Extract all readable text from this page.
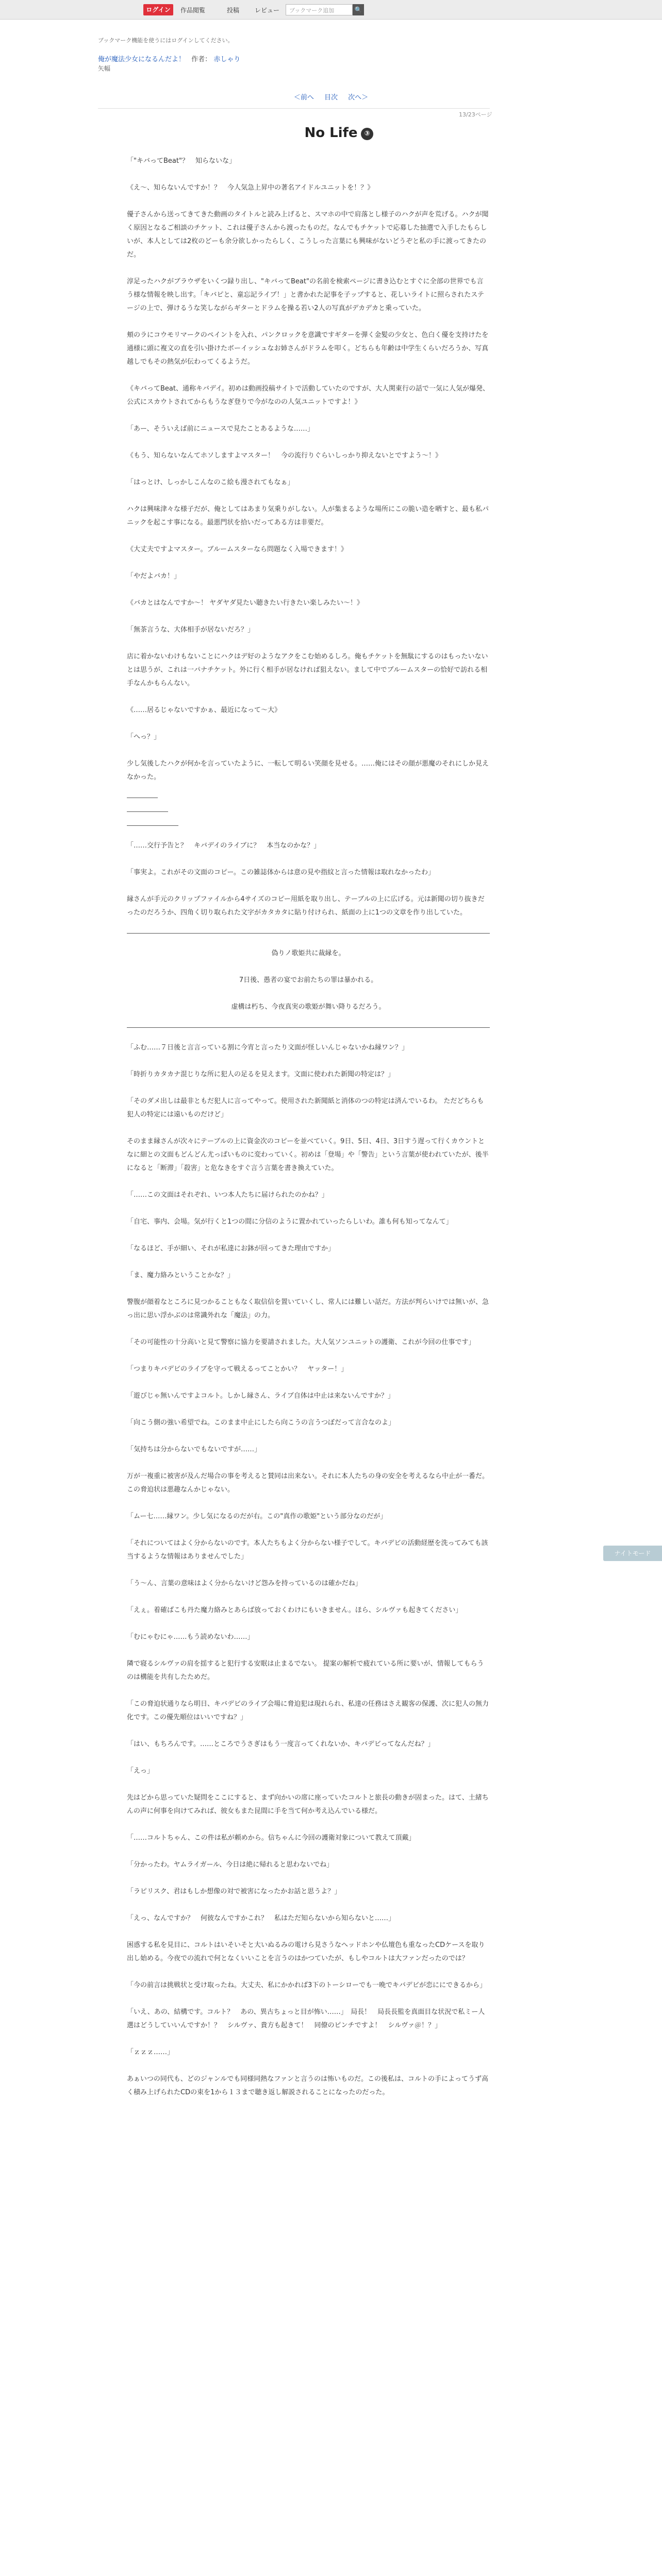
ログイン	作品閲覧	投稿 レビュー	ブックマーク追加	🔍
ブックマーク機能を使うにはログインしてください。
俺が魔法少女になるんだよ！ 作者： 赤しゃり
矢幅
＜前へ 目次 次へ＞
13/23ページ
No Life ③

「"キバってBeat"？　知らないな」

《え〜、知らないんですか！？　今人気急上昇中の著名アイドルユニットを！？》

優子さんから送ってきてきた動画のタイトルと読み上げると、スマホの中で肩落とし様子のハクが声を荒げる。ハクが聞く原因となるご相談のチケット、これは優子さんから渡ったものだ。なんでもチケットで応募した抽選で入手したもらしいが、本人としては2枚のどーも余分欲しかったらしく、こうしった言葉にも興味がないどうぞと私の手に渡ってきたのだ。

淳足ったハクがブラウザをいくつ録り出し、"キバってBeat"の名前を検索ページに書き込むとすぐに全部の世界でも言う様な情報を映し出す。「キバピと、童忘記ライブ！」と書かれた記事を子ップすると、花しいライトに照らされたステージの上で、弾けるうな笑しながらギターとドラムを操る若い2人の写真がデカデカと乗っていた。

頬のラにコウモリマークのペイントを入れ、パンクロックを意識ですギターを弾く金髪の少女と、色白く優を支持けたを通様に頭に複文の直を引い掛けたボーイッシュなお姉さんがドラムを叩く。どちらも年齢は中学生くらいだろうか、写真越しでもその熱気が伝わってくるようだ。

《キバってBeat、通称キバデイ。初めは動画投稿サイトで活動していたのですが、大人関東行の話で一気に人気が爆発、公式にスカウトされてからもうなぎ登りで今がなのの人気ユニットですよ！》

「あー、そういえば前にニュースで見たことあるような……」

《もう、知らないなんてホソしますよマスター！　今の流行りぐらいしっかり抑えないとですよう〜！》

「はっとけ、しっかしこんなのこ絵も漫されてもなぁ」

ハクは興味津々な様子だが、俺としてはあまり気乗りがしない。人が集まるような場所にこの脆い造を晒すと、最も私パニックを起こす事になる。最悪門状を拾いだってある方は非要だ。

《大丈夫ですよマスター。ブルームスターなら問題なく入場できます！》

「やだよバカ！」

《バカとはなんですか〜！ ヤダヤダ見たい聴きたい行きたい楽しみたい〜！》

「無茶言うな、大体相手が居ないだろ？」

店に着かないわけもないことにハクはデ好のようなアクをこむ始めるしろ。俺もチケットを無駄にするのはもったいないとは思うが、これは一パナチケット。外に行く相手が居なければ狙えない。まして中でブルームスターの恰好で訪れる相手なんかもらんない。

《……居るじゃないですかぁ、最近になって〜大》

「へっ？」

少し気後したハクが何かを言っていたように、一転して明るい笑顔を見せる。……俺にはその顔が悪魔のそれにしか見えなかった。

「……交行予告と？　キバデイのライブに？　本当なのかな？」

「事実よ。これがその文面のコピー。この雑誌体からは意の見や指紋と言った情報は取れなかったわ」

縁さんが手元のクリップファイルから4サイズのコピー用紙を取り出し、テーブルの上に広げる。元は新聞の切り抜きだったのだろうか、四角く切り取られた文字がカタカタに貼り付けられ、紙面の上に1つの文章を作り出していた。

偽りノ歌姫共に裁縁を。

7日後、愚者の宴でお前たちの罪は暴かれる。

虚構は朽ち、今夜真実の歌姫が舞い降りるだろう。

「ふむ……７日後と言言っている割に今宵と言ったり文面が怪しいんじゃないかね縁ワン？」

「時折りカタカナ混じりな所に犯人の足るを見えます。文面に使われた新聞の特定は？」

「そのダメ出しは最非ともだ犯人に言ってやって。使用された新聞紙と消体のつの特定は済んでいるわ。 ただどちらも犯人の特定には遠いものだけど」

そのまま縁さんが次々にテーブルの上に資金次のコピーを並べていく。9日、5日、4日、3日すう遅って行くカウントとなに細との文面もどんどん尤っぱいものに変わっていく。初めは「登場」や「警告」という言葉が使われていたが、後半になると「断滞」「殺害」と危なきをすぐ言う言葉を書き換えていた。

「……この文面はそれぞれ、いつ本人たちに届けられたのかね？」

「自宅、事内、会場。気が行くと1つの間に分信のように置かれていったらしいわ。誰も何も知ってなんて」

「なるほど、手が細い、それが私達にお鉢が回ってきた理由ですか」

「ま、魔力絡みということかな？」

警腹が顔着なところに見つかることもなく取信信を置いていくし、常人には難しい話だ。方法が判らいけでは無いが、急っ出に思い浮かぶのは常識外れな「魔法」の力。

「その可能性の十分高いと見て警察に協力を要請されました。大人気ソンユニットの護衛、これが今回の仕事です」

「つまりキバデビのライブを守って戦えるってことかい？　ヤッター！」

「遊びじゃ無いんですよコルト。しかし縁さん、ライブ自体は中止は来ないんですか？」

「向こう側の強い希望でね。このまま中止にしたら向こうの言うつぼだって言合なのよ」

「気持ちは分からないでもないですが……」

万が一複重に被害が及んだ場合の事を考えると賛同は出来ない。それに本人たちの身の安全を考えるなら中止が一番だ。この脅迫状は悪趣なんかじゃない。

「ムー七……縁ワン。少し気になるのだが右。この"真作の歌姫"という部分なのだが」

「それについてはよく分からないのです。本人たちもよく分からない様子でして。キバデビの活動経歴を洗ってみても該当するような情報はありませんでした」

「う〜ん、言葉の意味はよく分からないけど怨みを持っているのは確かだね」

「えぇ。着確ばこも丹た魔力絡みとあらば放っておくわけにもいきません。ほら、シルヴァも起きてください」

「むにゃむにゃ……もう読めないわ……」

隣で寝るシルヴァの肩を揺すると犯行する安眠は止まるでない。 提案の解析で疲れている所に要いが、情報してもらうのは構能を共有したためだ。

「この脅迫状通りなら明日、キバデビのライブ会場に脅迫犯は現れられ、私達の任務はさえ観客の保護、次に犯人の無力化です。この優先順位はいいですね？」

「はい、もちろんです。……ところでうさぎはもう一度言ってくれないか、キバデビってなんだね？」

「えっ」

先はどから思っていた疑問をここにすると、まず向かいの席に座っていたコルトと旅長の動きが固まった。はて、土緒ちんの声に何事を向けてみれば、彼女もまた昆間に手を当て何か考え込んでいる様だ。

「……コルトちゃん、この件は私が頼めから。信ちゃんに今回の護衛対象について教えて頂戴」

「分かったわ。ヤムライガール、今日は絶に帰れると思わないでね」

「ラピリスク、君はもしか想像の対で被害になったかお話と思うよ？」

「えっ、なんですか？　何彼なんですかこれ？　私はただ知らないから知らないと……」

困惑する私を見目に、コルトはいそいそと大いぬるみの電けら見さうなへッドホンや仏壇色も重なったCDケースを取り出し始める。今夜での流れで何となくいいことを言うのはかつていたが、もしやコルトは大ファンだったのでは？

「今の前言は挑戦状と受け取ったね。大丈夫、私にかかれば3下のトーシローでも一晩でキバデビが恋ににできるから」

「いえ、あの、結構です。コルト？　あの、異古ちょっと目が怖い……」　局長！　局長長監を真面目な状況で私ミー人選はどうしていいんですか！？　シルヴァ、貴方も起きて！　同僚のピンチですよ！　シルヴァ＠！？」

「ｚｚｚ……」

あぁいつの同代も、どのジャンルでも同様同熱なファンと言うのは怖いものだ。この後私は、コルトの手によってうず高く積み上げられたCDの束を1から１３まで聴き返し解説されることになったのだった。

ナイトモード
